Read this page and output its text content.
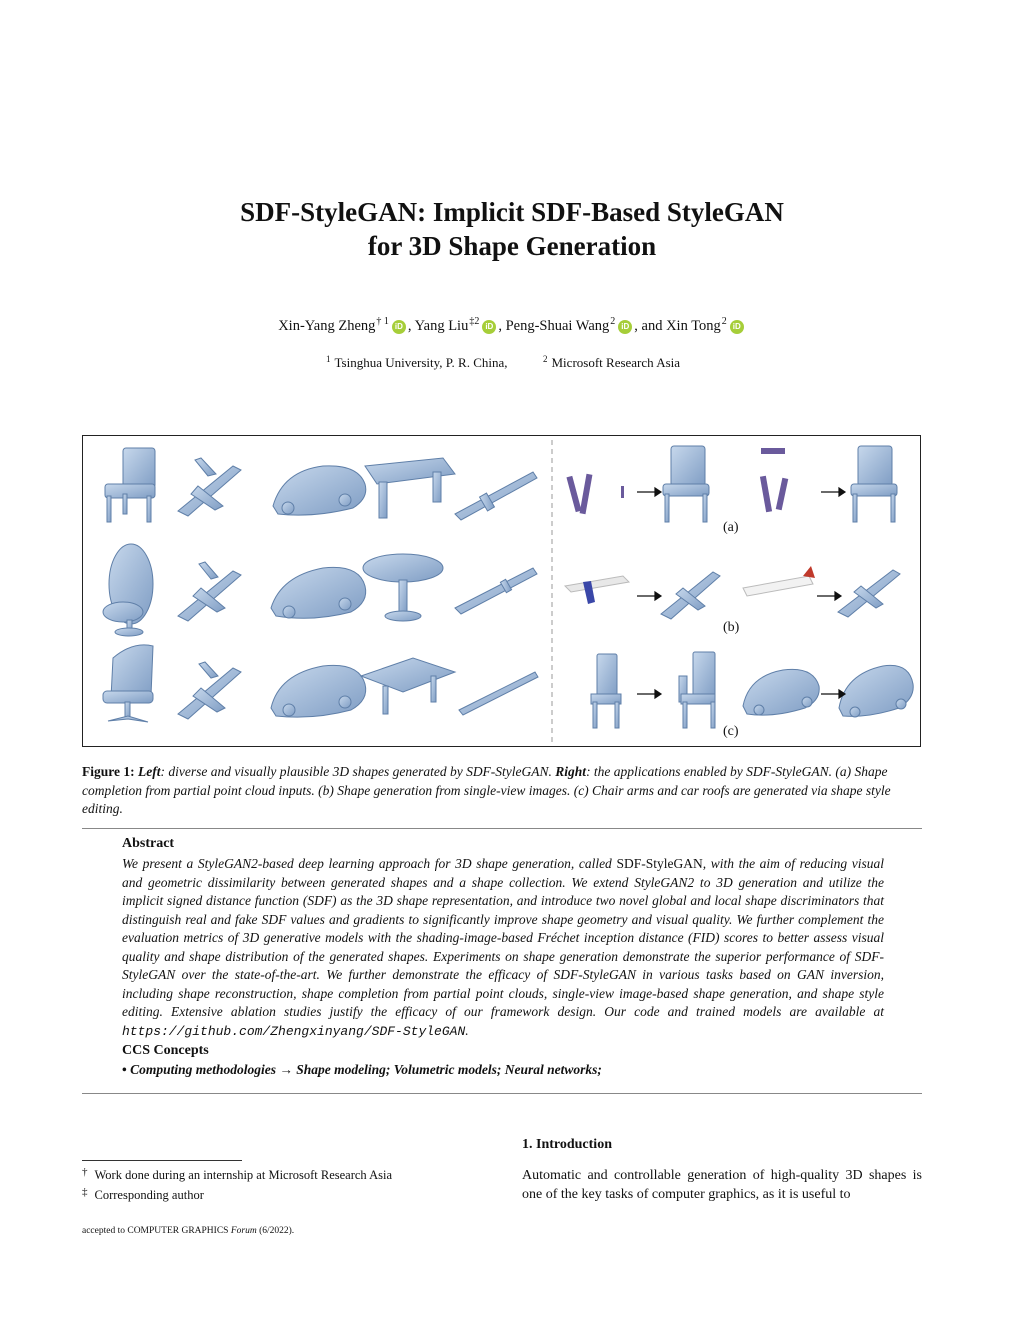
SDF-StyleGAN: Implicit SDF-Based StyleGAN
for 3D Shape Generation
Xin-Yang Zheng$^{\dagger 1}$ iD , Yang Liu$^{\ddagger 2}$ iD , Peng-Shuai Wang$^2$ iD , and Xin Tong$^2$ iD
$^1$ Tsinghua University, P. R. China,	$^2$ Microsoft Research Asia
(a)
(b)
(c)
Figure 1: Left: diverse and visually plausible 3D shapes generated by SDF-StyleGAN. Right: the applications enabled by SDF-StyleGAN. (a) Shape completion from partial point cloud inputs. (b) Shape generation from single-view images. (c) Chair arms and car roofs are generated via shape style editing.
Abstract
We present a StyleGAN2-based deep learning approach for 3D shape generation, called SDF-StyleGAN, with the aim of reducing visual and geometric dissimilarity between generated shapes and a shape collection. We extend StyleGAN2 to 3D generation and utilize the implicit signed distance function (SDF) as the 3D shape representation, and introduce two novel global and local shape discriminators that distinguish real and fake SDF values and gradients to significantly improve shape geometry and visual quality. We further complement the evaluation metrics of 3D generative models with the shading-image-based Fréchet inception distance (FID) scores to better assess visual quality and shape distribution of the generated shapes. Experiments on shape generation demonstrate the superior performance of SDF-StyleGAN over the state-of-the-art. We further demonstrate the efficacy of SDF-StyleGAN in various tasks based on GAN inversion, including shape reconstruction, shape completion from partial point clouds, single-view image-based shape generation, and shape style editing. Extensive ablation studies justify the efficacy of our framework design. Our code and trained models are available at https://github.com/Zhengxinyang/SDF-StyleGAN.
CCS Concepts
• Computing methodologies → Shape modeling; Volumetric models; Neural networks;
1. Introduction
Automatic and controllable generation of high-quality 3D shapes is one of the key tasks of computer graphics, as it is useful to
† Work done during an internship at Microsoft Research Asia
‡ Corresponding author
accepted to COMPUTER GRAPHICS Forum (6/2022).
